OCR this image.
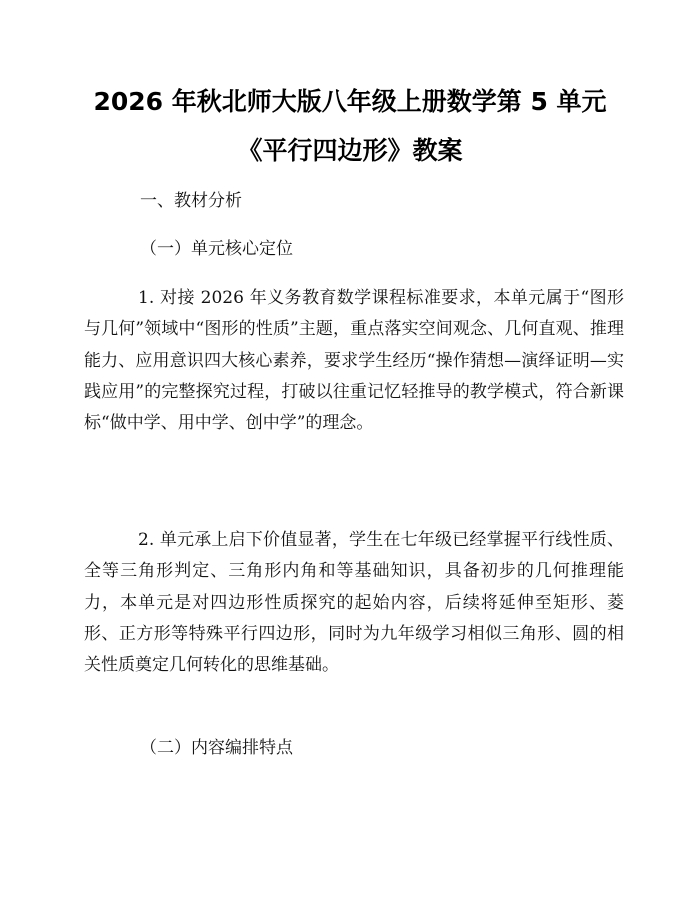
2026 年秋北师大版八年级上册数学第 5 单元
《平行四边形》教案
一、教材分析
（一）单元核心定位

1. 对接 2026 年义务教育数学课程标准要求，本单元属于“图形与几何”领域中“图形的性质”主题，重点落实空间观念、几何直观、推理能力、应用意识四大核心素养，要求学生经历“操作猜想—演绎证明—实践应用”的完整探究过程，打破以往重记忆轻推导的教学模式，符合新课标“做中学、用中学、创中学”的理念。

2. 单元承上启下价值显著，学生在七年级已经掌握平行线性质、全等三角形判定、三角形内角和等基础知识，具备初步的几何推理能力，本单元是对四边形性质探究的起始内容，后续将延伸至矩形、菱形、正方形等特殊平行四边形，同时为九年级学习相似三角形、圆的相关性质奠定几何转化的思维基础。

（二）内容编排特点
